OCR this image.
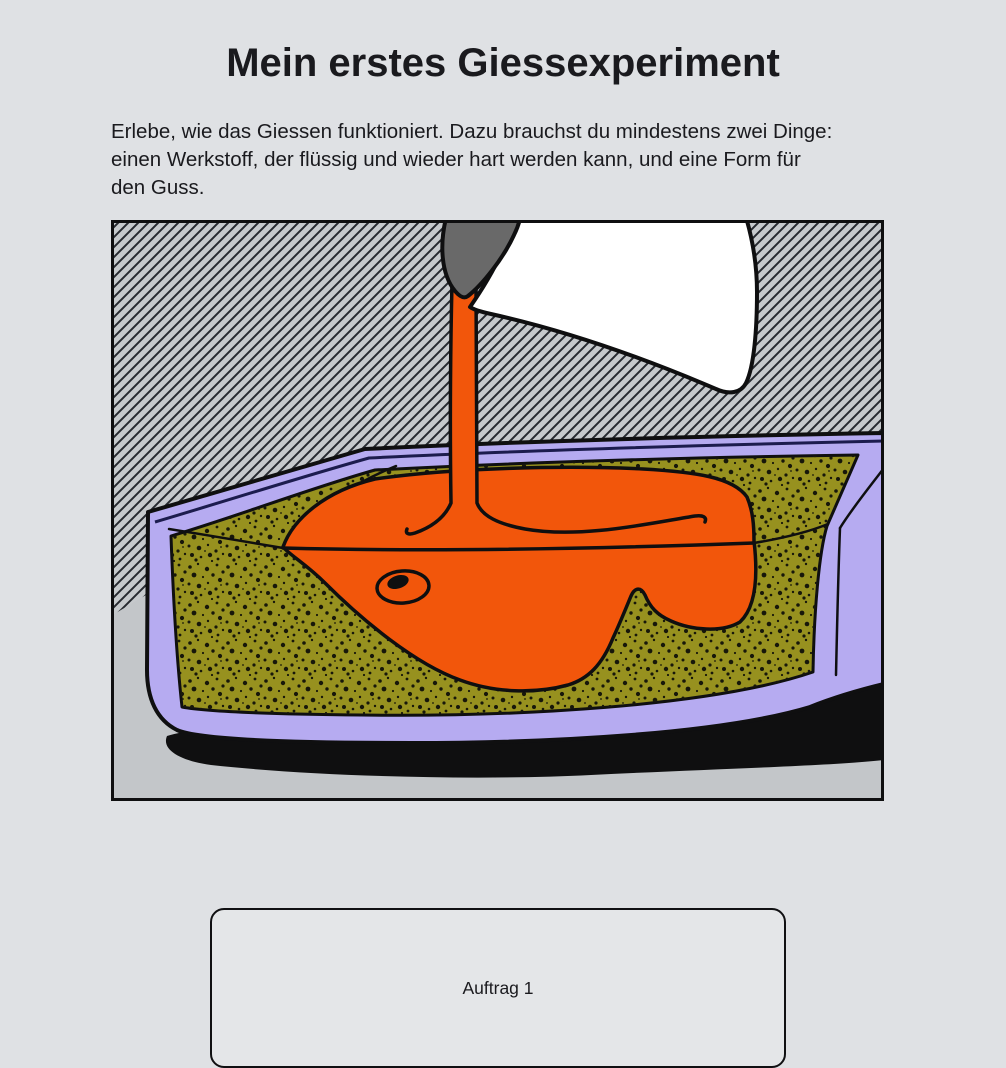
Mein erstes Giessexperiment
Erlebe, wie das Giessen funktioniert. Dazu brauchst du mindestens zwei Dinge:
einen Werkstoff, der flüssig und wieder hart werden kann, und eine Form für
den Guss.
Auftrag 1
